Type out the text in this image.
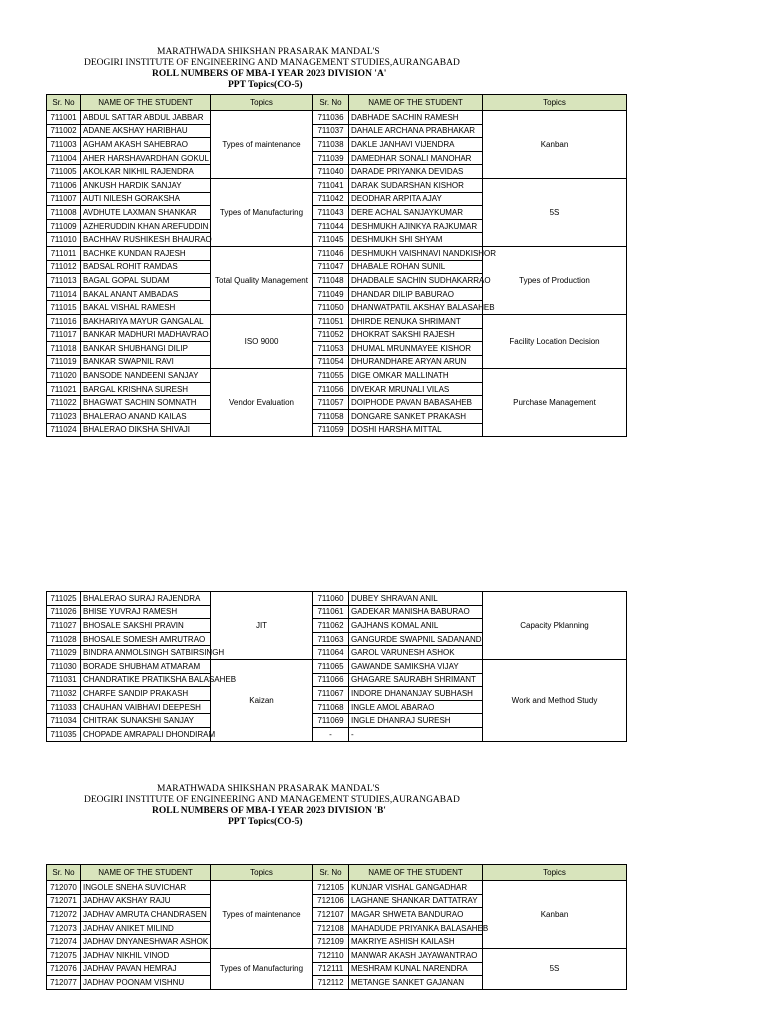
MARATHWADA SHIKSHAN PRASARAK MANDAL'S
DEOGIRI INSTITUTE OF ENGINEERING AND MANAGEMENT STUDIES,AURANGABAD
ROLL NUMBERS OF MBA-I YEAR 2023 DIVISION 'A'
PPT Topics(CO-5)
Sr. No	NAME OF THE STUDENT	Topics	Sr. No	NAME OF THE STUDENT	Topics
711001	ABDUL SATTAR ABDUL JABBAR	Types of maintenance	711036	DABHADE SACHIN RAMESH	Kanban
711002	ADANE AKSHAY HARIBHAU		711037	DAHALE ARCHANA PRABHAKAR	
711003	AGHAM AKASH SAHEBRAO		711038	DAKLE JANHAVI VIJENDRA	
711004	AHER HARSHAVARDHAN GOKUL		711039	DAMEDHAR SONALI MANOHAR	
711005	AKOLKAR NIKHIL RAJENDRA		711040	DARADE PRIYANKA DEVIDAS	
711006	ANKUSH HARDIK SANJAY	Types of Manufacturing	711041	DARAK SUDARSHAN KISHOR	5S
711007	AUTI NILESH GORAKSHA		711042	DEODHAR ARPITA AJAY	
711008	AVDHUTE LAXMAN SHANKAR		711043	DERE ACHAL SANJAYKUMAR	
711009	AZHERUDDIN KHAN AREFUDDIN		711044	DESHMUKH AJINKYA RAJKUMAR	
711010	BACHHAV RUSHIKESH BHAURAO		711045	DESHMUKH SHI SHYAM	
711011	BACHKE KUNDAN RAJESH	Total Quality Management	711046	DESHMUKH VAISHNAVI NANDKISHOR	Types of Production
711012	BADSAL ROHIT RAMDAS		711047	DHABALE ROHAN SUNIL	
711013	BAGAL GOPAL SUDAM		711048	DHADBALE SACHIN SUDHAKARRAO	
711014	BAKAL ANANT AMBADAS		711049	DHANDAR DILIP BABURAO	
711015	BAKAL VISHAL RAMESH		711050	DHANWATPATIL AKSHAY BALASAHEB	
711016	BAKHARIYA MAYUR GANGALAL	ISO 9000	711051	DHIRDE RENUKA SHRIMANT	Facility Location Decision
711017	BANKAR MADHURI MADHAVRAO		711052	DHOKRAT SAKSHI RAJESH	
711018	BANKAR SHUBHANGI DILIP		711053	DHUMAL MRUNMAYEE KISHOR	
711019	BANKAR SWAPNIL RAVI		711054	DHURANDHARE ARYAN ARUN	
711020	BANSODE NANDEENI SANJAY	Vendor Evaluation	711055	DIGE OMKAR MALLINATH	Purchase Management
711021	BARGAL KRISHNA SURESH		711056	DIVEKAR MRUNALI VILAS	
711022	BHAGWAT SACHIN SOMNATH		711057	DOIPHODE PAVAN BABASAHEB	
711023	BHALERAO ANAND KAILAS		711058	DONGARE SANKET PRAKASH	
711024	BHALERAO DIKSHA SHIVAJI		711059	DOSHI HARSHA MITTAL	
711025	BHALERAO SURAJ RAJENDRA	JIT	711060	DUBEY SHRAVAN ANIL	Capacity Pklanning
711026	BHISE YUVRAJ RAMESH		711061	GADEKAR MANISHA BABURAO	
711027	BHOSALE SAKSHI PRAVIN		711062	GAJHANS KOMAL ANIL	
711028	BHOSALE SOMESH AMRUTRAO		711063	GANGURDE SWAPNIL SADANAND	
711029	BINDRA ANMOLSINGH SATBIRSINGH		711064	GAROL VARUNESH ASHOK	
711030	BORADE SHUBHAM ATMARAM	Kaizan	711065	GAWANDE SAMIKSHA VIJAY	Work and Method Study
711031	CHANDRATIKE PRATIKSHA BALASAHEB		711066	GHAGARE SAURABH SHRIMANT	
711032	CHARFE SANDIP PRAKASH		711067	INDORE DHANANJAY SUBHASH	
711033	CHAUHAN VAIBHAVI DEEPESH		711068	INGLE AMOL ABARAO	
711034	CHITRAK SUNAKSHI SANJAY		711069	INGLE DHANRAJ SURESH	
711035	CHOPADE AMRAPALI DHONDIRAM		-	-	
MARATHWADA SHIKSHAN PRASARAK MANDAL'S
DEOGIRI INSTITUTE OF ENGINEERING AND MANAGEMENT STUDIES,AURANGABAD
ROLL NUMBERS OF MBA-I YEAR 2023 DIVISION 'B'
PPT Topics(CO-5)
Sr. No	NAME OF THE STUDENT	Topics	Sr. No	NAME OF THE STUDENT	Topics
712070	INGOLE SNEHA SUVICHAR	Types of maintenance	712105	KUNJAR VISHAL GANGADHAR	Kanban
712071	JADHAV AKSHAY RAJU		712106	LAGHANE SHANKAR DATTATRAY	
712072	JADHAV AMRUTA CHANDRASEN		712107	MAGAR SHWETA BANDURAO	
712073	JADHAV ANIKET MILIND		712108	MAHADUDE PRIYANKA BALASAHEB	
712074	JADHAV DNYANESHWAR ASHOK		712109	MAKRIYE ASHISH KAILASH	
712075	JADHAV NIKHIL VINOD	Types of Manufacturing	712110	MANWAR AKASH JAYAWANTRAO	5S
712076	JADHAV PAVAN HEMRAJ		712111	MESHRAM KUNAL NARENDRA	
712077	JADHAV POONAM VISHNU		712112	METANGE SANKET GAJANAN	
